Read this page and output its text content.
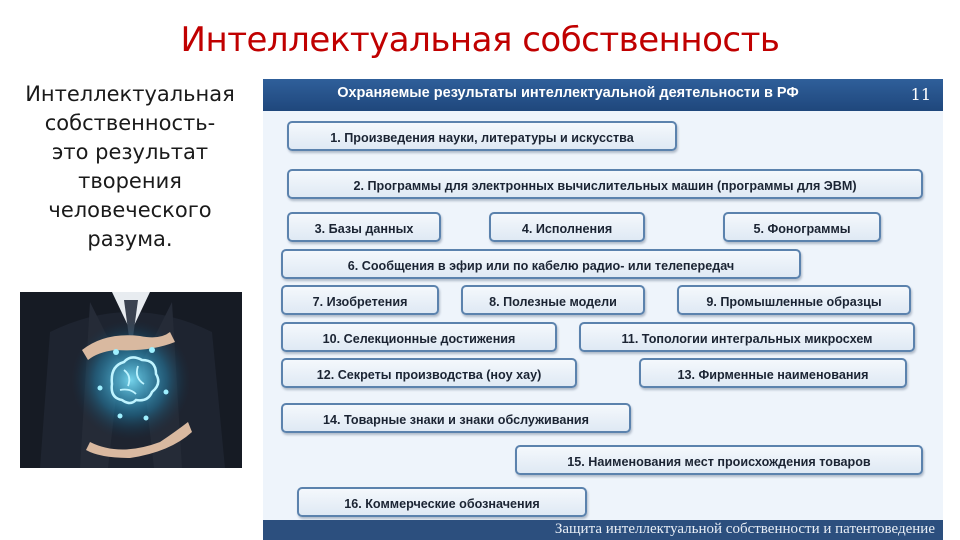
Интеллектуальная собственность
Интеллектуальная
собственность-
это результат
творения
человеческого
разума.
Охраняемые результаты интеллектуальной деятельности в РФ	11
1. Произведения науки, литературы и искусства
2. Программы для электронных вычислительных машин (программы для ЭВМ)
3. Базы данных	4. Исполнения	5. Фонограммы
6. Сообщения в эфир или по кабелю радио- или телепередач
7. Изобретения	8. Полезные модели	9. Промышленные образцы
10. Селекционные достижения	11. Топологии интегральных микросхем
12. Секреты производства (ноу хау)	13. Фирменные наименования
14. Товарные знаки и знаки обслуживания
15. Наименования мест происхождения товаров
16. Коммерческие обозначения
Защита интеллектуальной собственности и патентоведение
